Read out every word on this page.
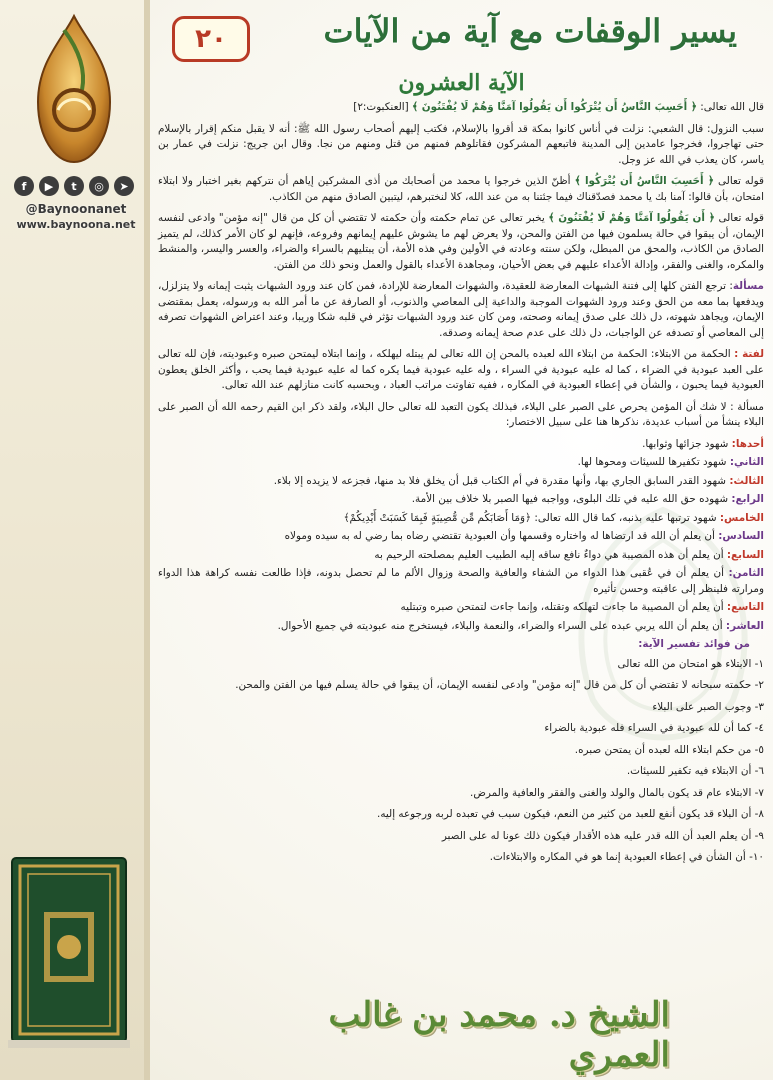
f	▶	t	◎	➤
@Baynoonanet
www.baynoona.net
يسير الوقفات مع آية من الآيات
٢٠
الآية العشرون

قال الله تعالى: ﴿ أَحَسِبَ النَّاسُ أَن يُتْرَكُوا أَن يَقُولُوا آمَنَّا وَهُمْ لَا يُفْتَنُونَ ﴾ [العنكبوت:٢]

سبب النزول: قال الشعبي: نزلت في أناس كانوا بمكة قد أقروا بالإسلام، فكتب إليهم أصحاب رسول الله ﷺ: أنه لا يقبل منكم إقرار بالإسلام حتى تهاجروا، فخرجوا عامدين إلى المدينة فاتبعهم المشركون فقاتلوهم فمنهم من قتل ومنهم من نجا. وقال ابن جريج: نزلت في عمار بن ياسر، كان يعذب في الله عز وجل.

قوله تعالى ﴿ أَحَسِبَ النَّاسُ أَن يُتْرَكُوا ﴾ أظنّ الذين خرجوا يا محمد من أصحابك من أذى المشركين إياهم أن نتركهم بغير اختبار ولا ابتلاء امتحان، بأن قالوا: آمنا بك يا محمد فصدّقناك فيما جئتنا به من عند الله، كلا لنختبرهم، ليتبين الصادق منهم من الكاذب.

قوله تعالى ﴿ أَن يَقُولُوا آمَنَّا وَهُمْ لَا يُفْتَنُونَ ﴾ يخبر تعالى عن تمام حكمته وأن حكمته لا تقتضي أن كل من قال "إنه مؤمن" وادعى لنفسه الإيمان، أن يبقوا في حالة يسلمون فيها من الفتن والمحن، ولا يعرض لهم ما يشوش عليهم إيمانهم وفروعه، فإنهم لو كان الأمر كذلك، لم يتميز الصادق من الكاذب، والمحق من المبطل، ولكن سنته وعادته في الأولين وفي هذه الأمة، أن يبتليهم بالسراء والضراء، والعسر واليسر، والمنشط والمكره، والغنى والفقر، وإدالة الأعداء عليهم في بعض الأحيان، ومجاهدة الأعداء بالقول والعمل ونحو ذلك من الفتن.

مسألة: ترجع الفتن كلها إلى فتنة الشبهات المعارضة للعقيدة، والشهوات المعارضة للإرادة، فمن كان عند ورود الشبهات يثبت إيمانه ولا يتزلزل، ويدفعها بما معه من الحق وعند ورود الشهوات الموجبة والداعية إلى المعاصي والذنوب، أو الصارفة عن ما أمر الله به ورسوله، يعمل بمقتضى الإيمان، ويجاهد شهوته، دل ذلك على صدق إيمانه وصحته، ومن كان عند ورود الشبهات تؤثر في قلبه شكا وريبا، وعند اعتراض الشهوات تصرفه إلى المعاصي أو تصدفه عن الواجبات، دل ذلك على عدم صحة إيمانه وصدقه.

لفتة : الحكمة من الابتلاء: الحكمة من ابتلاء الله لعبده بالمحن إن الله تعالى لم يبتله ليهلكه ، وإنما ابتلاه ليمتحن صبره وعبوديته، فإن لله تعالى على العبد عبودية في الضراء ، كما له عليه عبودية في السراء ، وله عليه عبودية فيما يكره كما له عليه عبودية فيما يحب ، وأكثر الخلق يعطون العبودية فيما يحبون ، والشأن في إعطاء العبودية في المكاره ، ففيه تفاوتت مراتب العباد ، وبحسبه كانت منازلهم عند الله تعالى.

مسألة : لا شك أن المؤمن يحرص على الصبر على البلاء، فبذلك يكون التعبد لله تعالى حال البلاء، ولقد ذكر ابن القيم رحمه الله أن الصبر على البلاء ينشأ من أسباب عديدة، نذكرها هنا على سبيل الاختصار:

أحدها: شهود جزائها وثوابها.
الثاني: شهود تكفيرها للسيئات ومحوها لها.
الثالث: شهود القدر السابق الجاري بها، وأنها مقدرة في أم الكتاب قبل أن يخلق فلا بد منها، فجزعه لا يزيده إلا بلاء.
الرابع: شهوده حق الله عليه في تلك البلوى، وواجبه فيها الصبر بلا خلاف بين الأمة.
الخامس: شهود ترتبها عليه بذنبه، كما قال الله تعالى: ﴿وَمَا أَصَابَكُم مِّن مُّصِيبَةٍ فَبِمَا كَسَبَتْ أَيْدِيكُمْ﴾
السادس: أن يعلم أن الله قد ارتضاها له واختاره وقسمها وأن العبودية تقتضي رضاه بما رضي له به سيده ومولاه
السابع: أن يعلم أن هذه المصيبة هي دواءٌ نافع ساقه إليه الطبيب العليم بمصلحته الرحيم به
الثامن: أن يعلم أن في عُقبى هذا الدواء من الشفاء والعافية والصحة وزوال الألم ما لم تحصل بدونه، فإذا طالعت نفسه كراهة هذا الدواء ومرارته فلينظر إلى عاقبته وحسن تأثيره
التاسع: أن يعلم أن المصيبة ما جاءت لتهلكه وتقتله، وإنما جاءت لتمتحن صبره وتبتليه
العاشر: أن يعلم أن الله يربي عبده على السراء والضراء، والنعمة والبلاء، فيستخرج منه عبوديته في جميع الأحوال.
من فوائد تفسير الآية:
١- الابتلاء هو امتحان من الله تعالى
٢- حكمته سبحانه لا تقتضي أن كل من قال "إنه مؤمن" وادعى لنفسه الإيمان، أن يبقوا في حالة يسلم فيها من الفتن والمحن.
٣- وجوب الصبر على البلاء
٤- كما أن لله عبودية في السراء فله عبودية بالضراء
٥- من حكم ابتلاء الله لعبده أن يمتحن صبره.
٦- أن الابتلاء فيه تكفير للسيئات.
٧- الابتلاء عام قد يكون بالمال والولد والغنى والفقر والعافية والمرض.
٨- أن البلاء قد يكون أنفع للعبد من كثير من النعم، فيكون سبب في تعبده لربه ورجوعه إليه.
٩- أن يعلم العبد أن الله قدر عليه هذه الأقدار فيكون ذلك عونا له على الصبر
١٠- أن الشأن في إعطاء العبودية إنما هو في المكاره والابتلاءات.
الشيخ د. محمد بن غالب العمري
